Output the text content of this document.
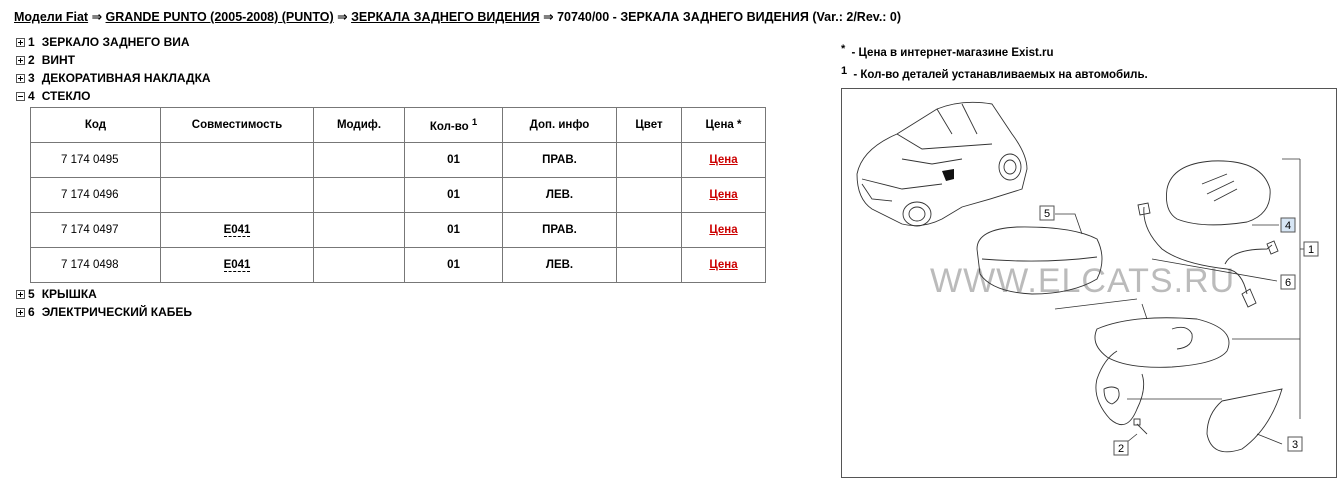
Модели Fiat ⇒ GRANDE PUNTO (2005-2008) (PUNTO) ⇒ ЗЕРКАЛА ЗАДНЕГО ВИДЕНИЯ ⇒ 70740/00 - ЗЕРКАЛА ЗАДНЕГО ВИДЕНИЯ (Var.: 2/Rev.: 0)
1 ЗЕРКАЛО ЗАДНЕГО ВИА
2 ВИНТ
3 ДЕКОРАТИВНАЯ НАКЛАДКА
4 СТЕКЛО
Код	Совместимость	Модиф.	Кол-во $^1$	Доп. инфо	Цвет	Цена *
7 174 0495			01	ПРАВ.		Цена
7 174 0496			01	ЛЕВ.		Цена
7 174 0497	E041		01	ПРАВ.		Цена
7 174 0498	E041		01	ЛЕВ.		Цена
5 КРЫШКА
6 ЭЛЕКТРИЧЕСКИЙ КАБЕЬ
* - Цена в интернет-магазине Exist.ru
1 - Кол-во деталей устанавливаемых на автомобиль.
WWW.ELCATS.RU
1
2	3
4
5
6
